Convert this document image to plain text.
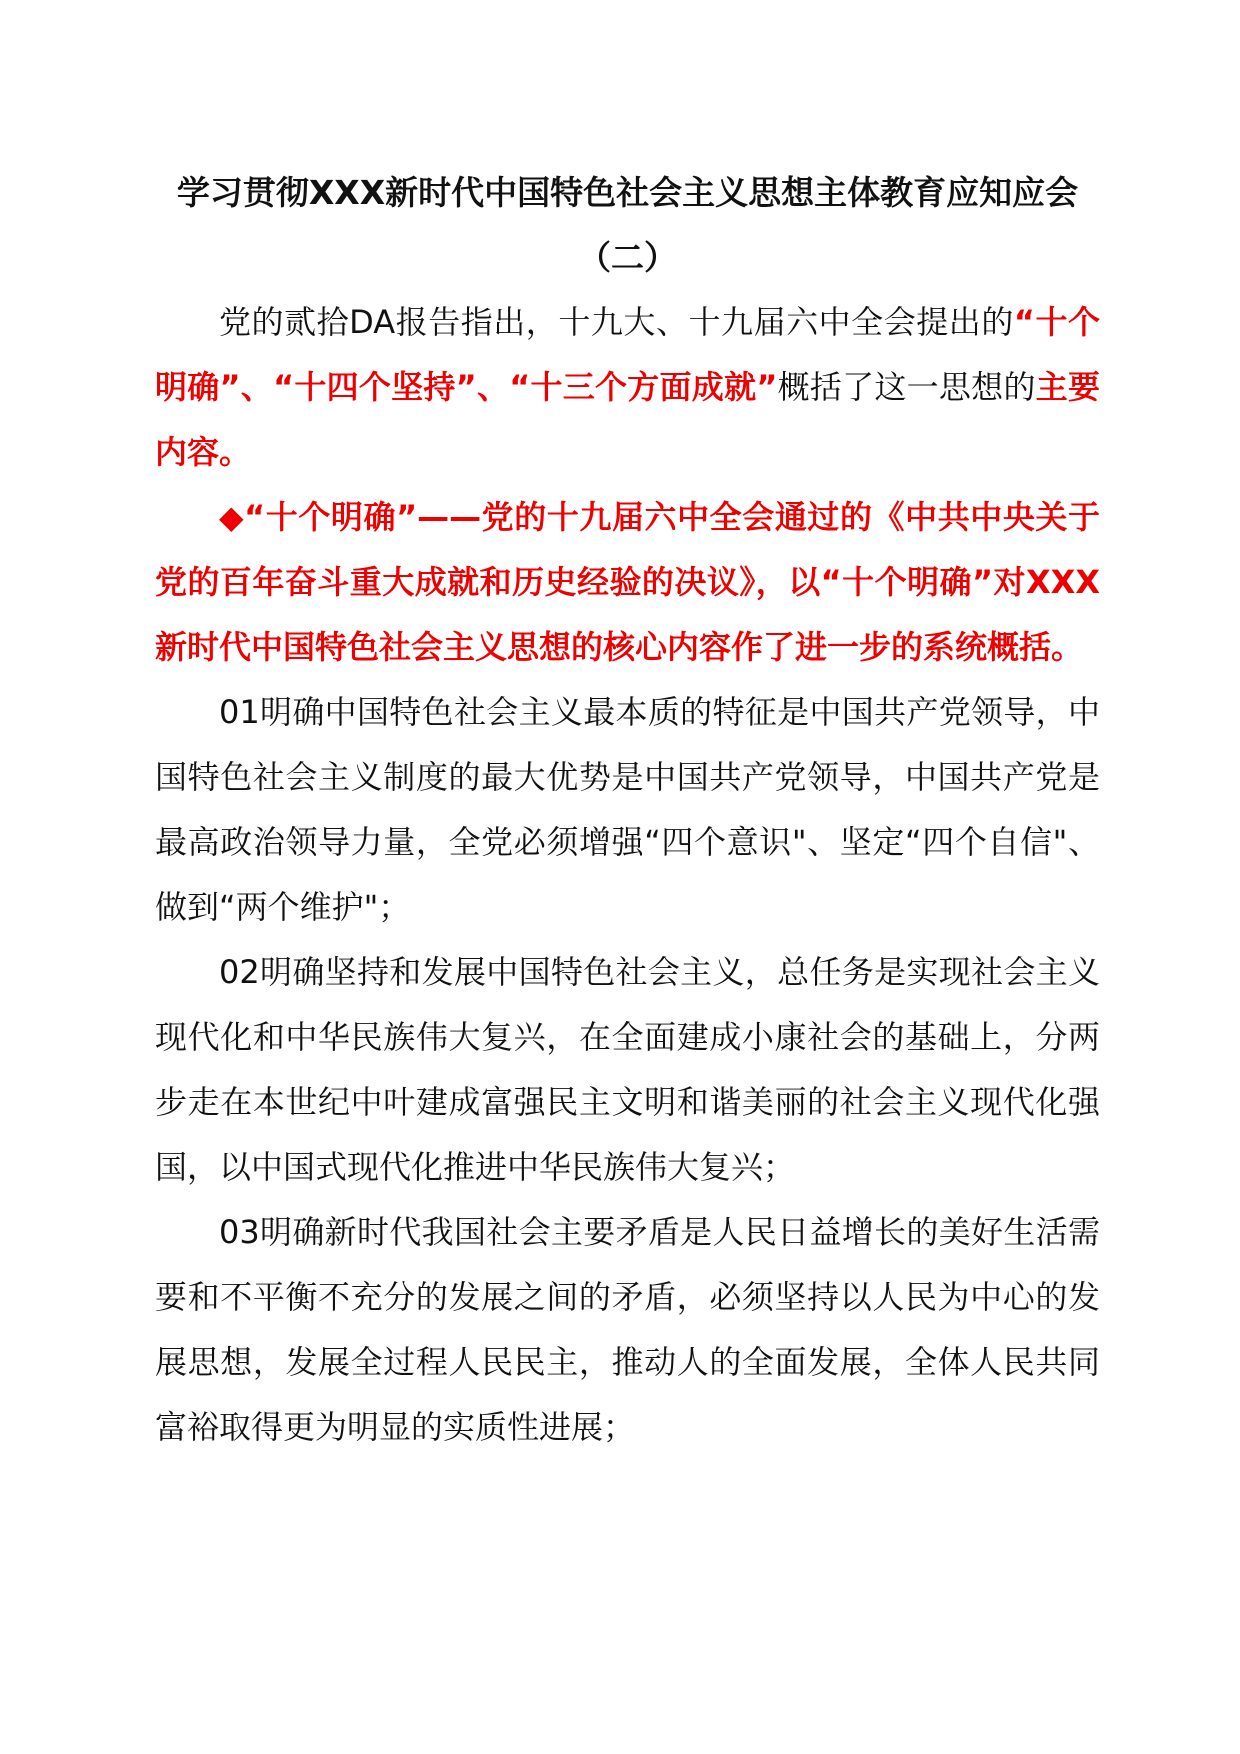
学习贯彻XXX新时代中国特色社会主义思想主体教育应知应会（二）

党的贰拾DA报告指出，十九大、十九届六中全会提出的“十个明确”、“十四个坚持”、“十三个方面成就”概括了这一思想的主要内容。

◆“十个明确”——党的十九届六中全会通过的《中共中央关于党的百年奋斗重大成就和历史经验的决议》，以“十个明确”对XXX新时代中国特色社会主义思想的核心内容作了进一步的系统概括。

01明确中国特色社会主义最本质的特征是中国共产党领导，中国特色社会主义制度的最大优势是中国共产党领导，中国共产党是最高政治领导力量，全党必须增强“四个意识"、坚定“四个自信"、做到“两个维护"；

02明确坚持和发展中国特色社会主义，总任务是实现社会主义现代化和中华民族伟大复兴，在全面建成小康社会的基础上，分两步走在本世纪中叶建成富强民主文明和谐美丽的社会主义现代化强国，以中国式现代化推进中华民族伟大复兴；

03明确新时代我国社会主要矛盾是人民日益增长的美好生活需要和不平衡不充分的发展之间的矛盾，必须坚持以人民为中心的发展思想，发展全过程人民民主，推动人的全面发展，全体人民共同富裕取得更为明显的实质性进展；
